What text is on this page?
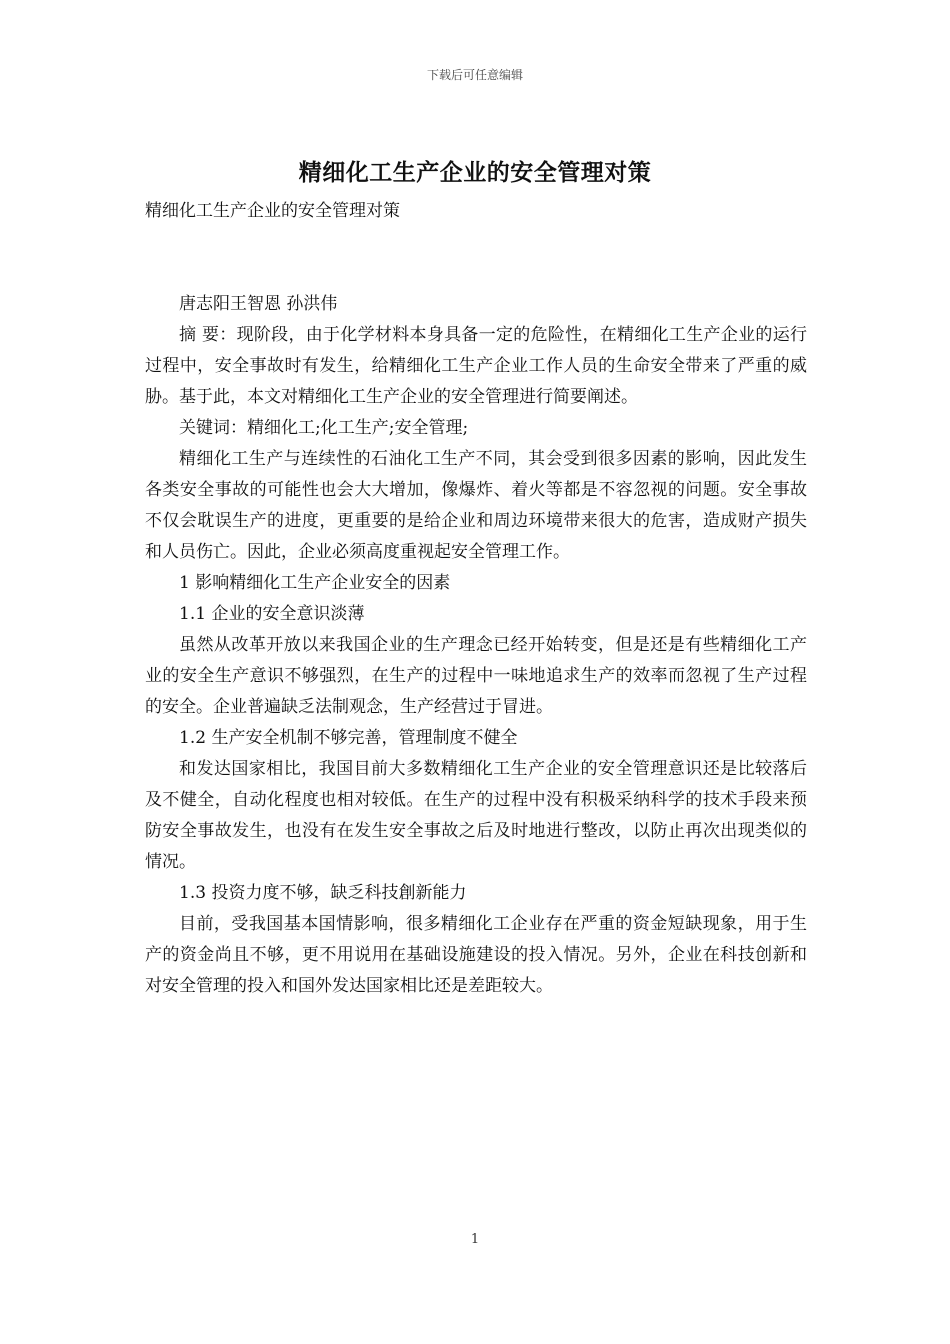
下载后可任意编辑
精细化工生产企业的安全管理对策

精细化工生产企业的安全管理对策

唐志阳王智恩 孙洪伟

摘 要：现阶段，由于化学材料本身具备一定的危险性，在精细化工生产企业的运行过程中，安全事故时有发生，给精细化工生产企业工作人员的生命安全带来了严重的威胁。基于此，本文对精细化工生产企业的安全管理进行简要阐述。

关键词：精细化工;化工生产;安全管理;

精细化工生产与连续性的石油化工生产不同，其会受到很多因素的影响，因此发生各类安全事故的可能性也会大大增加，像爆炸、着火等都是不容忽视的问题。安全事故不仅会耽误生产的进度，更重要的是给企业和周边环境带来很大的危害，造成财产损失和人员伤亡。因此，企业必须高度重视起安全管理工作。

1 影响精细化工生产企业安全的因素

1.1 企业的安全意识淡薄

虽然从改革开放以来我国企业的生产理念已经开始转变，但是还是有些精细化工产业的安全生产意识不够强烈，在生产的过程中一味地追求生产的效率而忽视了生产过程的安全。企业普遍缺乏法制观念，生产经营过于冒进。

1.2 生产安全机制不够完善，管理制度不健全

和发达国家相比，我国目前大多数精细化工生产企业的安全管理意识还是比较落后及不健全，自动化程度也相对较低。在生产的过程中没有积极采纳科学的技术手段来预防安全事故发生，也没有在发生安全事故之后及时地进行整改，以防止再次出现类似的情况。

1.3 投资力度不够，缺乏科技創新能力

目前，受我国基本国情影响，很多精细化工企业存在严重的资金短缺现象，用于生产的资金尚且不够，更不用说用在基础设施建设的投入情况。另外，企业在科技创新和对安全管理的投入和国外发达国家相比还是差距较大。

1
